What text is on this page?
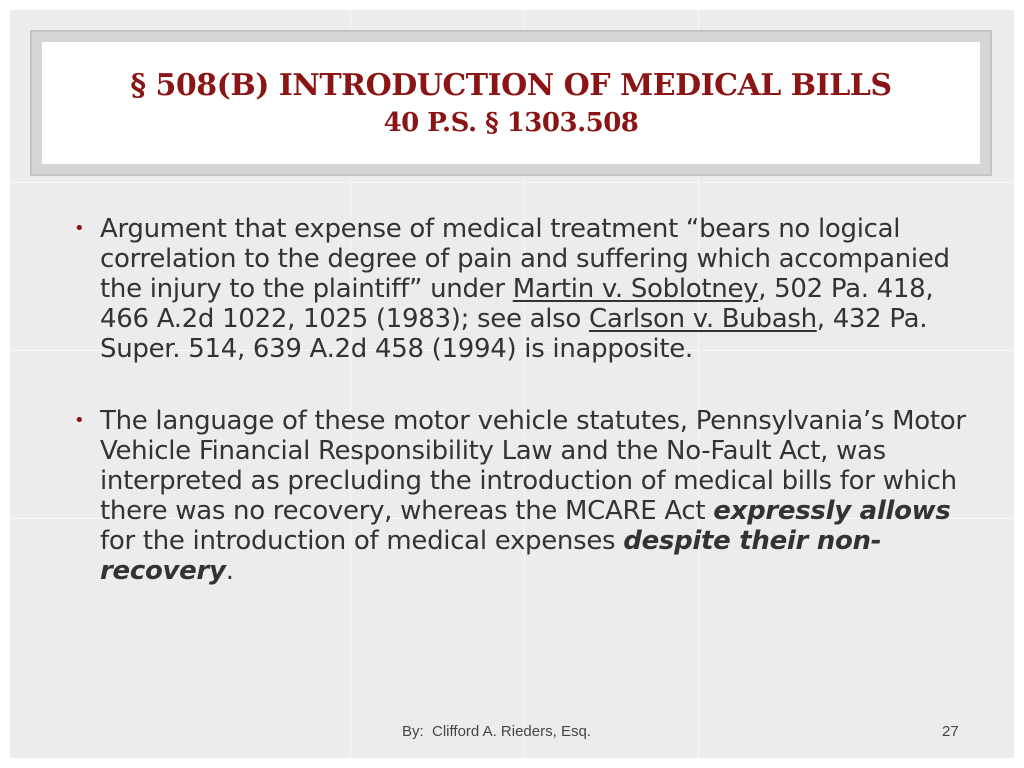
§ 508(B) INTRODUCTION OF MEDICAL BILLS
40 P.S. § 1303.508
• Argument that expense of medical treatment “bears no logical correlation to the degree of pain and suffering which accompanied the injury to the plaintiff” under Martin v. Soblotney, 502 Pa. 418, 466 A.2d 1022, 1025 (1983); see also Carlson v. Bubash, 432 Pa. Super. 514, 639 A.2d 458 (1994) is inapposite.
• The language of these motor vehicle statutes, Pennsylvania’s Motor Vehicle Financial Responsibility Law and the No-Fault Act, was interpreted as precluding the introduction of medical bills for which there was no recovery, whereas the MCARE Act expressly allows for the introduction of medical expenses despite their non-recovery.
By:  Clifford A. Rieders, Esq.	27
